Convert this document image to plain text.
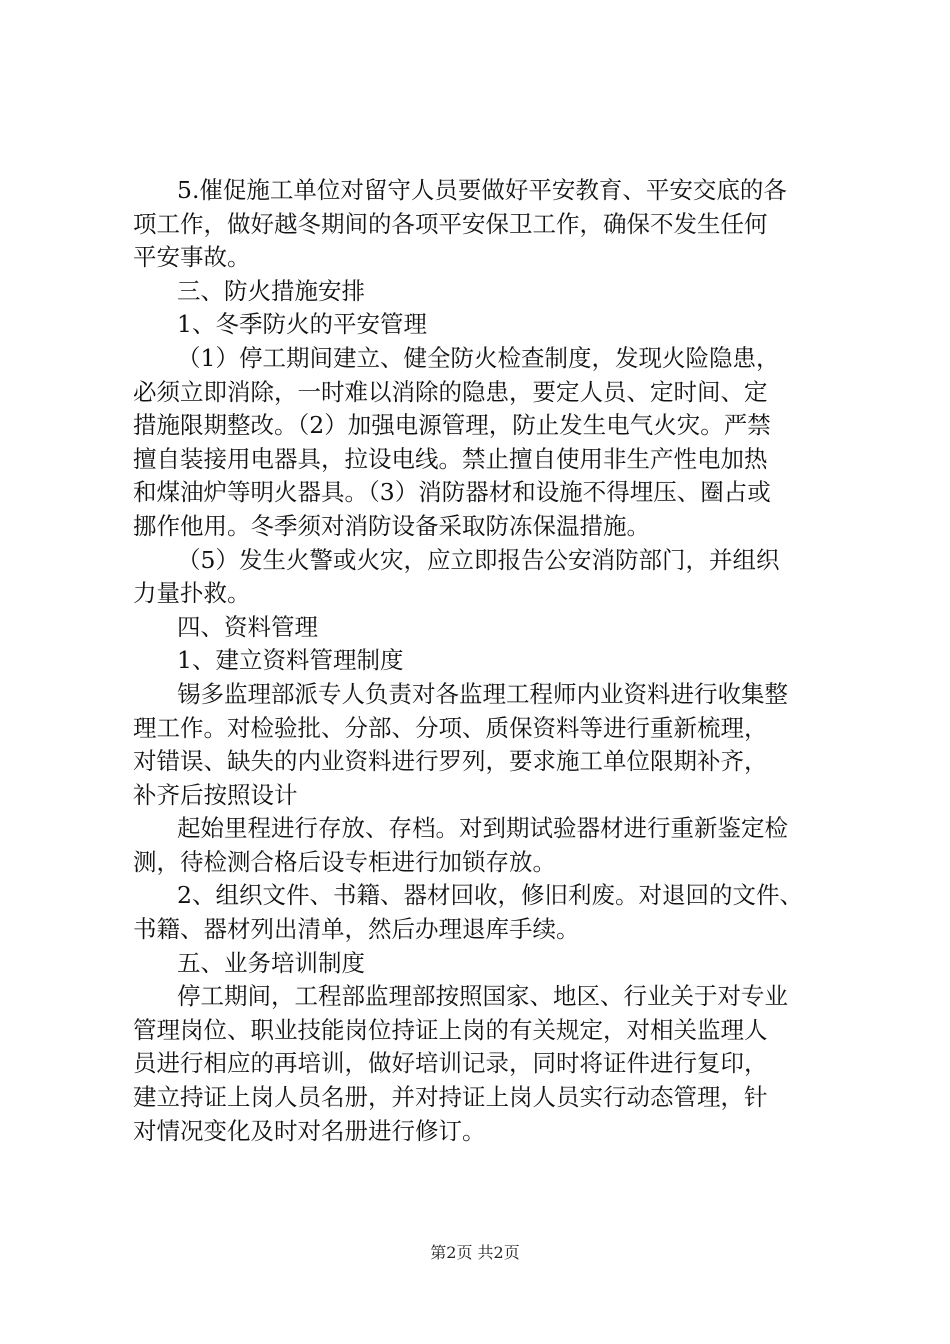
5.催促施工单位对留守人员要做好平安教育、平安交底的各
项工作，做好越冬期间的各项平安保卫工作，确保不发生任何
平安事故。
三、防火措施安排
1、冬季防火的平安管理
（1）停工期间建立、健全防火检查制度，发现火险隐患，
必须立即消除，一时难以消除的隐患，要定人员、定时间、定
措施限期整改。（2）加强电源管理，防止发生电气火灾。严禁
擅自装接用电器具，拉设电线。禁止擅自使用非生产性电加热
和煤油炉等明火器具。（3）消防器材和设施不得埋压、圈占或
挪作他用。冬季须对消防设备采取防冻保温措施。
（5）发生火警或火灾，应立即报告公安消防部门，并组织
力量扑救。
四、资料管理
1、建立资料管理制度
锡多监理部派专人负责对各监理工程师内业资料进行收集整
理工作。对检验批、分部、分项、质保资料等进行重新梳理，
对错误、缺失的内业资料进行罗列，要求施工单位限期补齐，
补齐后按照设计
起始里程进行存放、存档。对到期试验器材进行重新鉴定检
测，待检测合格后设专柜进行加锁存放。
2、组织文件、书籍、器材回收，修旧利废。对退回的文件、
书籍、器材列出清单，然后办理退库手续。
五、业务培训制度
停工期间，工程部监理部按照国家、地区、行业关于对专业
管理岗位、职业技能岗位持证上岗的有关规定，对相关监理人
员进行相应的再培训，做好培训记录，同时将证件进行复印，
建立持证上岗人员名册，并对持证上岗人员实行动态管理，针
对情况变化及时对名册进行修订。
第2页 共2页
